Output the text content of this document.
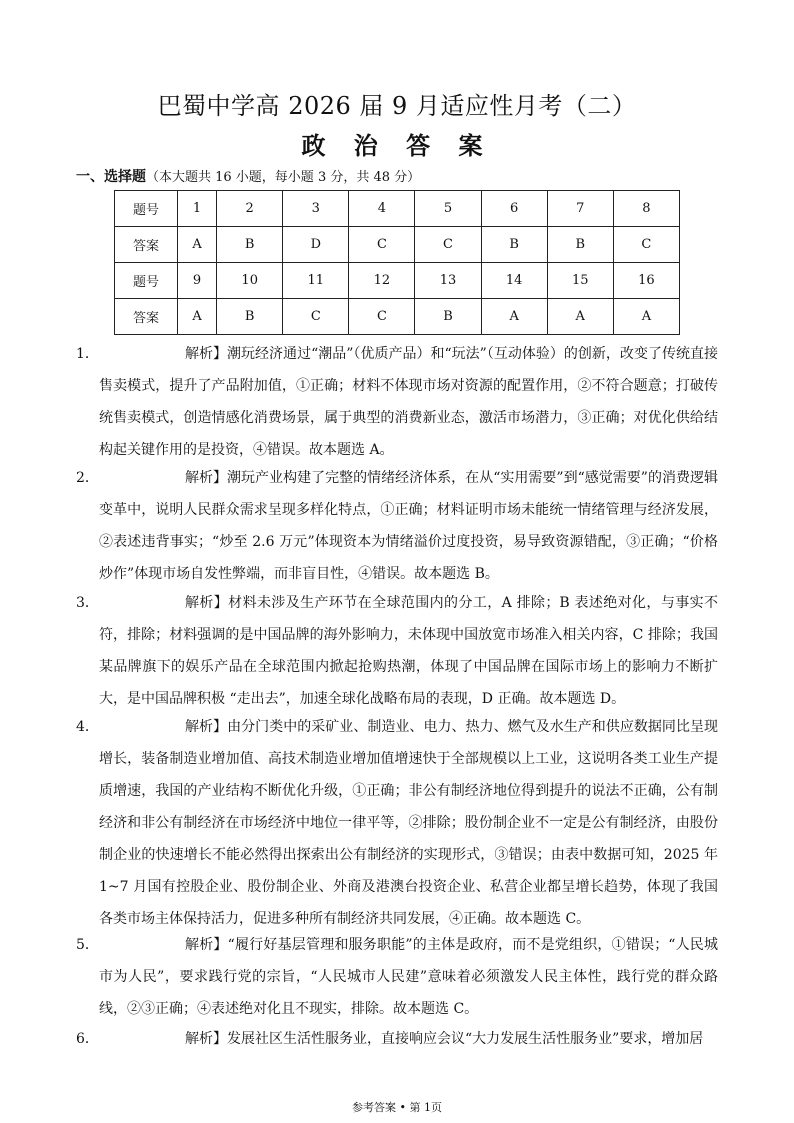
巴蜀中学高 2026 届 9 月适应性月考（二）
政 治 答 案
一、选择题（本大题共 16 小题，每小题 3 分，共 48 分）
题号	1	2	3	4	5	6	7	8
答案	A	B	D	C	C	B	B	C
题号	9	10	11	12	13	14	15	16
答案	A	B	C	C	B	A	A	A
1．	解析】潮玩经济通过“潮品”（优质产品）和“玩法”（互动体验）的创新，改变了传统直接售卖模式，提升了产品附加值，①正确；材料不体现市场对资源的配置作用，②不符合题意；打破传统售卖模式，创造情感化消费场景，属于典型的消费新业态，激活市场潜力，③正确；对优化供给结构起关键作用的是投资，④错误。故本题选 A。

2．	解析】潮玩产业构建了完整的情绪经济体系，在从“实用需要”到“感觉需要”的消费逻辑变革中，说明人民群众需求呈现多样化特点，①正确；材料证明市场未能统一情绪管理与经济发展，②表述违背事实；“炒至 2.6 万元”体现资本为情绪溢价过度投资，易导致资源错配，③正确；“价格炒作”体现市场自发性弊端，而非盲目性，④错误。故本题选 B。

3．	解析】材料未涉及生产环节在全球范围内的分工，A 排除；B 表述绝对化，与事实不符，排除；材料强调的是中国品牌的海外影响力，未体现中国放宽市场准入相关内容，C 排除；我国某品牌旗下的娱乐产品在全球范围内掀起抢购热潮，体现了中国品牌在国际市场上的影响力不断扩大，是中国品牌积极 “走出去”，加速全球化战略布局的表现，D 正确。故本题选 D。

4．	解析】由分门类中的采矿业、制造业、电力、热力、燃气及水生产和供应数据同比呈现增长，装备制造业增加值、高技术制造业增加值增速快于全部规模以上工业，这说明各类工业生产提质增速，我国的产业结构不断优化升级，①正确；非公有制经济地位得到提升的说法不正确，公有制经济和非公有制经济在市场经济中地位一律平等，②排除；股份制企业不一定是公有制经济，由股份制企业的快速增长不能必然得出探索出公有制经济的实现形式，③错误；由表中数据可知，2025 年 1~7 月国有控股企业、股份制企业、外商及港澳台投资企业、私营企业都呈增长趋势，体现了我国各类市场主体保持活力，促进多种所有制经济共同发展，④正确。故本题选 C。

5．	解析】“履行好基层管理和服务职能”的主体是政府，而不是党组织，①错误；“人民城市为人民”，要求践行党的宗旨，“人民城市人民建”意味着必须激发人民主体性，践行党的群众路线，②③正确；④表述绝对化且不现实，排除。故本题选 C。

6．	解析】发展社区生活性服务业，直接响应会议“大力发展生活性服务业”要求，增加居

参考答案 • 第 1页
